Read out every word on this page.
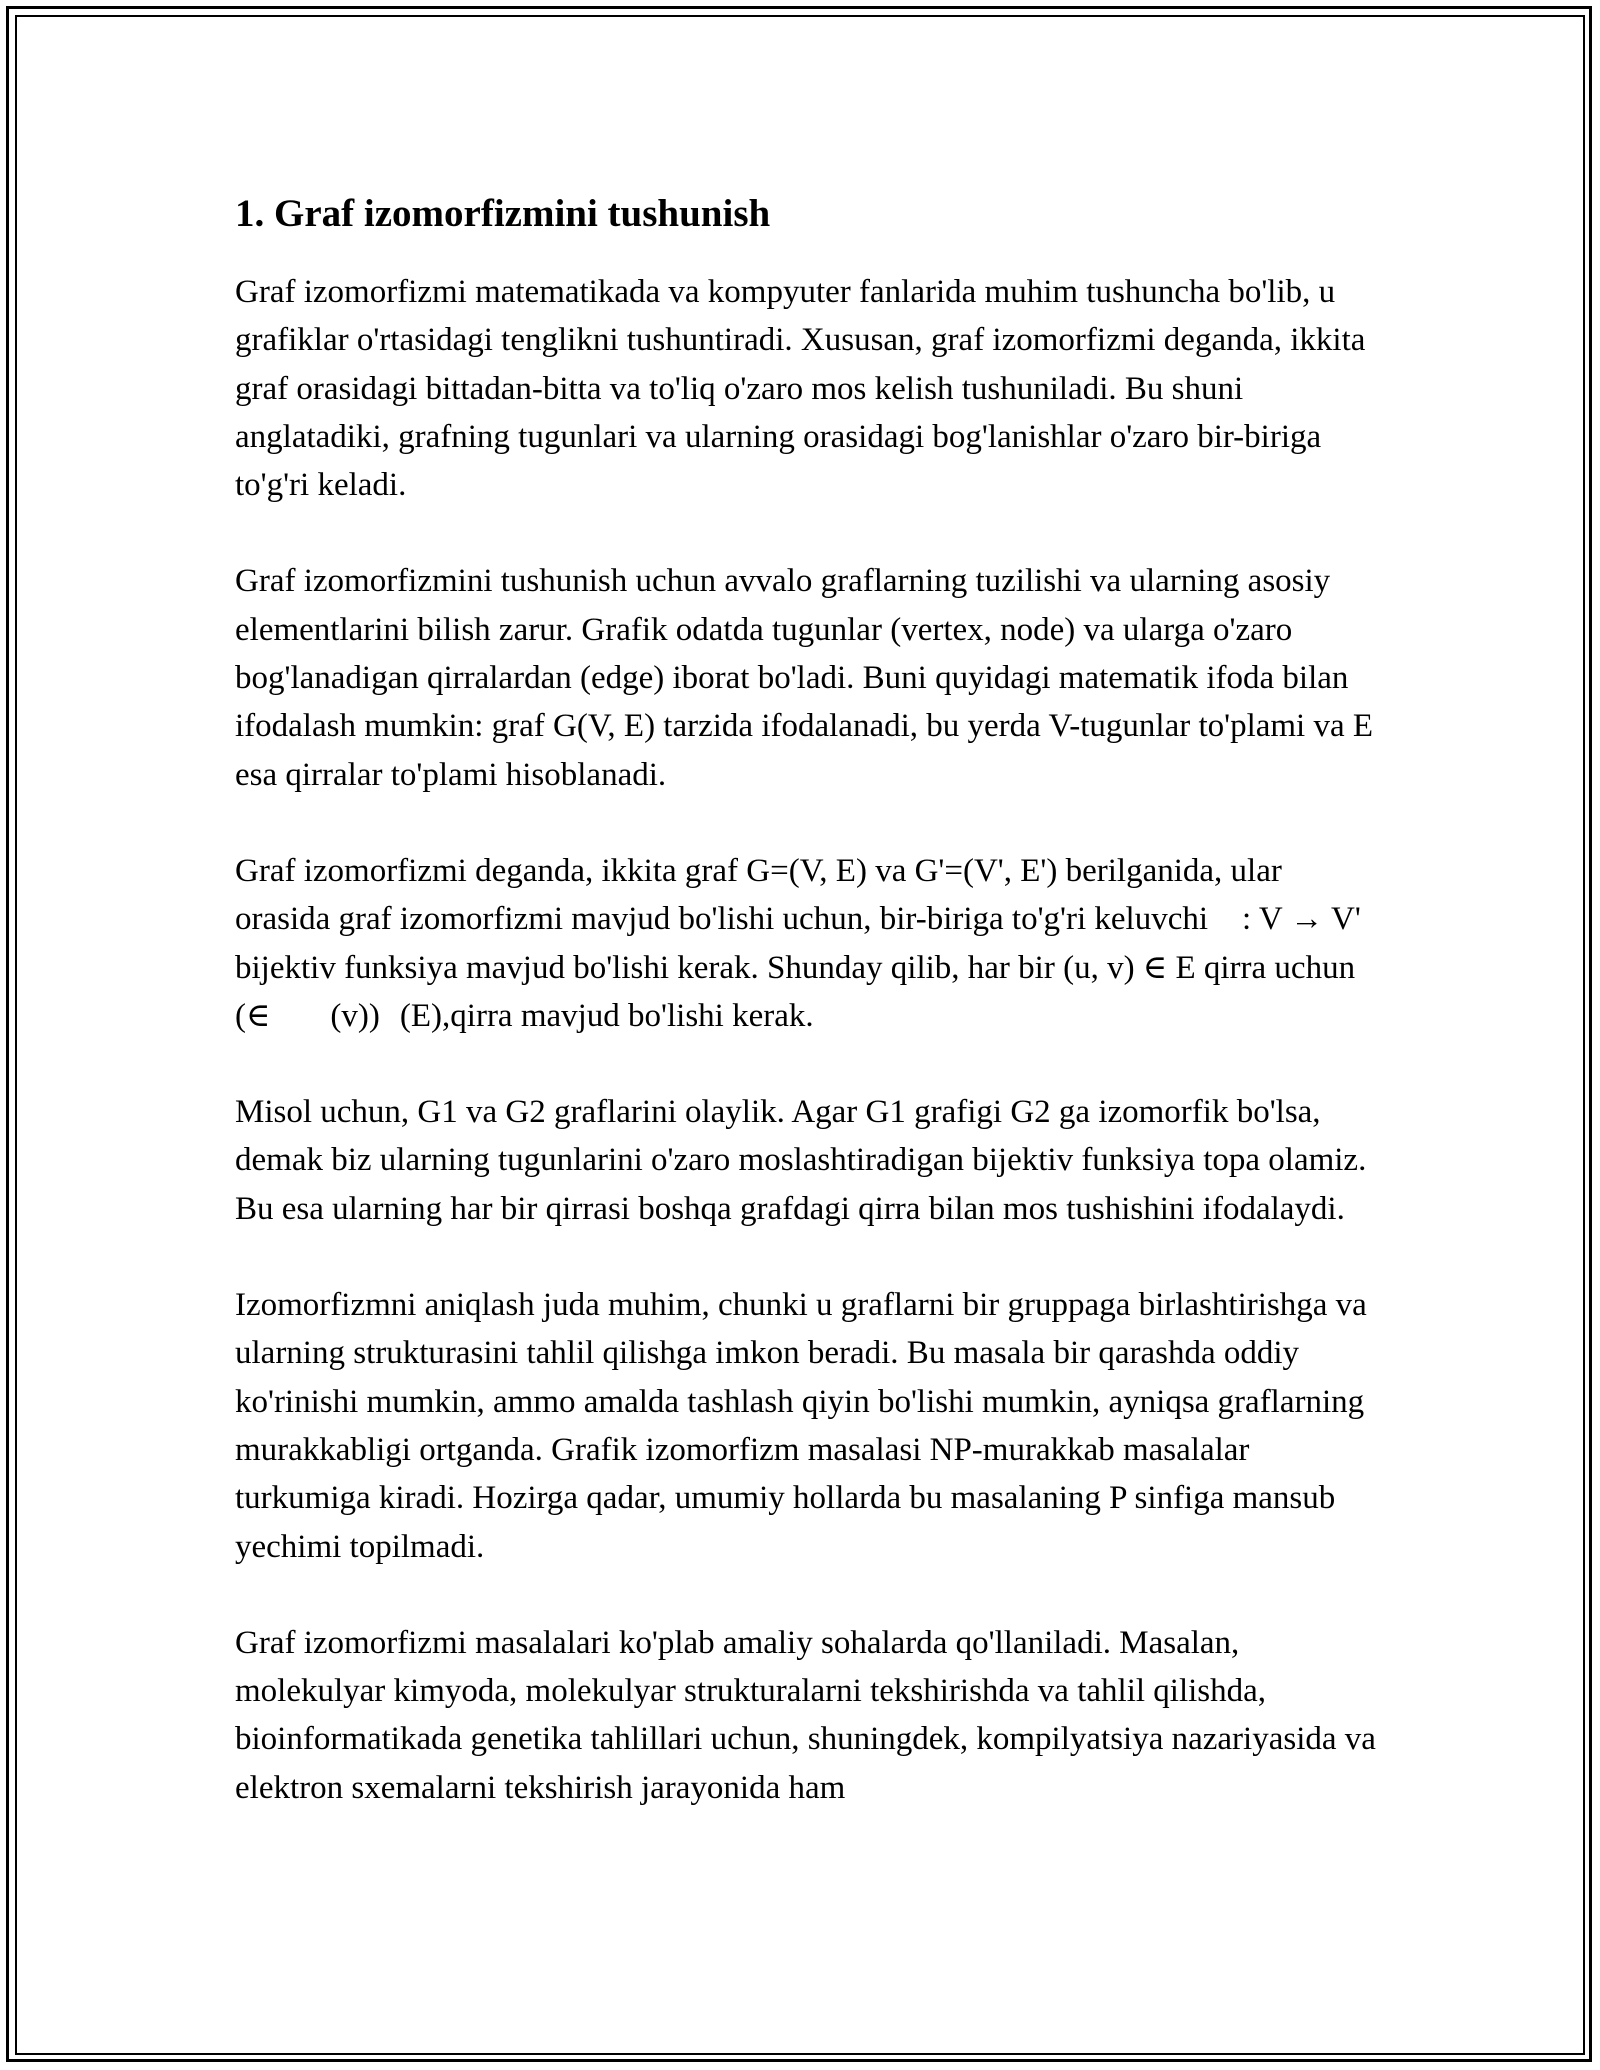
1. Graf izomorfizmini tushunish

Graf izomorfizmi matematikada va kompyuter fanlarida muhim tushuncha bo'lib, u grafiklar o'rtasidagi tenglikni tushuntiradi. Xususan, graf izomorfizmi deganda, ikkita graf orasidagi bittadan-bitta va to'liq o'zaro mos kelish tushuniladi. Bu shuni anglatadiki, grafning tugunlari va ularning orasidagi bog'lanishlar o'zaro bir-biriga to'g'ri keladi.

Graf izomorfizmini tushunish uchun avvalo graflarning tuzilishi va ularning asosiy elementlarini bilish zarur. Grafik odatda tugunlar (vertex, node) va ularga o'zaro bog'lanadigan qirralardan (edge) iborat bo'ladi. Buni quyidagi matematik ifoda bilan ifodalash mumkin: graf G(V, E) tarzida ifodalanadi, bu yerda V-tugunlar to'plami va E esa qirralar to'plami hisoblanadi.

Graf izomorfizmi deganda, ikkita graf G=(V, E) va G'=(V', E') berilganida, ular orasida graf izomorfizmi mavjud bo'lishi uchun, bir-biriga to'g'ri keluvchi : V → V' bijektiv funksiya mavjud bo'lishi kerak. Shunday qilib, har bir (u, v) ∈ E qirra uchun (∈ (v)) (E),qirra mavjud bo'lishi kerak.

Misol uchun, G1 va G2 graflarini olaylik. Agar G1 grafigi G2 ga izomorfik bo'lsa, demak biz ularning tugunlarini o'zaro moslashtiradigan bijektiv funksiya topa olamiz. Bu esa ularning har bir qirrasi boshqa grafdagi qirra bilan mos tushishini ifodalaydi.

Izomorfizmni aniqlash juda muhim, chunki u graflarni bir gruppaga birlashtirishga va ularning strukturasini tahlil qilishga imkon beradi. Bu masala bir qarashda oddiy ko'rinishi mumkin, ammo amalda tashlash qiyin bo'lishi mumkin, ayniqsa graflarning murakkabligi ortganda. Grafik izomorfizm masalasi NP-murakkab masalalar turkumiga kiradi. Hozirga qadar, umumiy hollarda bu masalaning P sinfiga mansub yechimi topilmadi.

Graf izomorfizmi masalalari ko'plab amaliy sohalarda qo'llaniladi. Masalan, molekulyar kimyoda, molekulyar strukturalarni tekshirishda va tahlil qilishda, bioinformatikada genetika tahlillari uchun, shuningdek, kompilyatsiya nazariyasida va elektron sxemalarni tekshirish jarayonida ham
